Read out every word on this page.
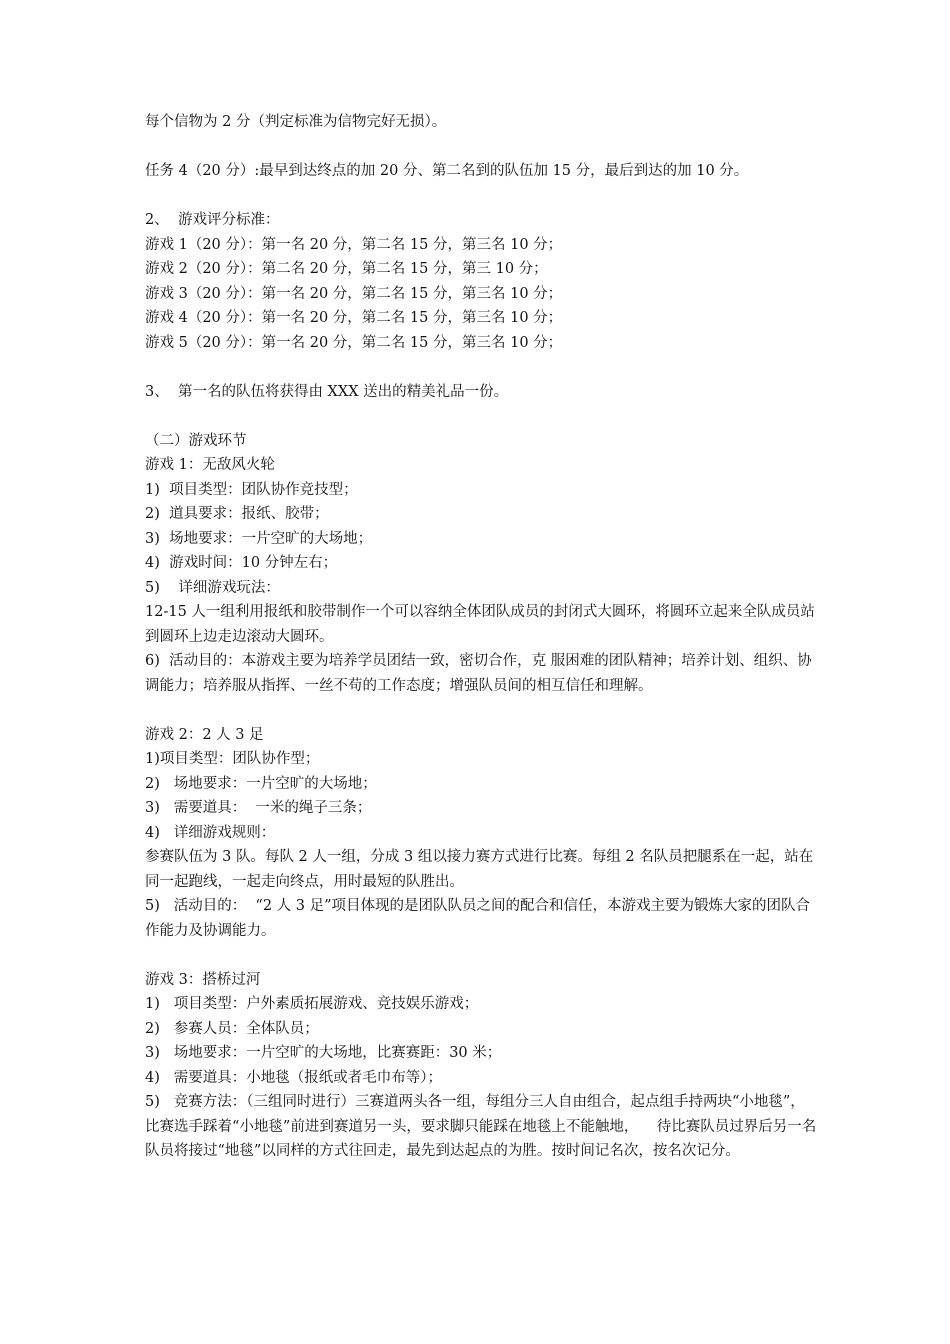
每个信物为 2 分（判定标准为信物完好无损）。

任务 4（20 分）:最早到达终点的加 20 分、第二名到的队伍加 15 分，最后到达的加 10 分。

2、  游戏评分标准：

游戏 1（20 分）：第一名 20 分，第二名 15 分，第三名 10 分；

游戏 2（20 分）：第二名 20 分，第二名 15 分，第三 10 分；

游戏 3（20 分）：第一名 20 分，第二名 15 分，第三名 10 分；

游戏 4（20 分）：第一名 20 分，第二名 15 分，第三名 10 分；

游戏 5（20 分）：第一名 20 分，第二名 15 分，第三名 10 分；

3、  第一名的队伍将获得由 XXX 送出的精美礼品一份。

（二）游戏环节

游戏 1：无敌风火轮

1)  项目类型：团队协作竞技型；

2)  道具要求：报纸、胶带；

3)  场地要求：一片空旷的大场地；

4)  游戏时间：10 分钟左右；

5)    详细游戏玩法：

12-15 人一组利用报纸和胶带制作一个可以容纳全体团队成员的封闭式大圆环，将圆环立起来全队成员站到圆环上边走边滚动大圆环。

6)  活动目的：本游戏主要为培养学员团结一致，密切合作，克 服困难的团队精神；培养计划、组织、协调能力；培养服从指挥、一丝不苟的工作态度；增强队员间的相互信任和理解。

游戏 2：2 人 3 足

1)项目类型：团队协作型；

2)   场地要求：一片空旷的大场地；

3)   需要道具：  一米的绳子三条；

4)   详细游戏规则：

参赛队伍为 3 队。每队 2 人一组，分成 3 组以接力赛方式进行比赛。每组 2 名队员把腿系在一起，站在同一起跑线，一起走向终点，用时最短的队胜出。

5)   活动目的：  “2 人 3 足”项目体现的是团队队员之间的配合和信任，本游戏主要为锻炼大家的团队合作能力及协调能力。

游戏 3：搭桥过河

1)   项目类型：户外素质拓展游戏、竞技娱乐游戏；

2)   参赛人员：全体队员；

3)   场地要求：一片空旷的大场地，比赛赛距：30 米；

4)   需要道具：小地毯（报纸或者毛巾布等）；

5)   竞赛方法：（三组同时进行）三赛道两头各一组，每组分三人自由组合，起点组手持两块“小地毯”，比赛选手踩着“小地毯”前进到赛道另一头，要求脚只能踩在地毯上不能触地，    待比赛队员过界后另一名队员将接过“地毯”以同样的方式往回走，最先到达起点的为胜。按时间记名次，按名次记分。
